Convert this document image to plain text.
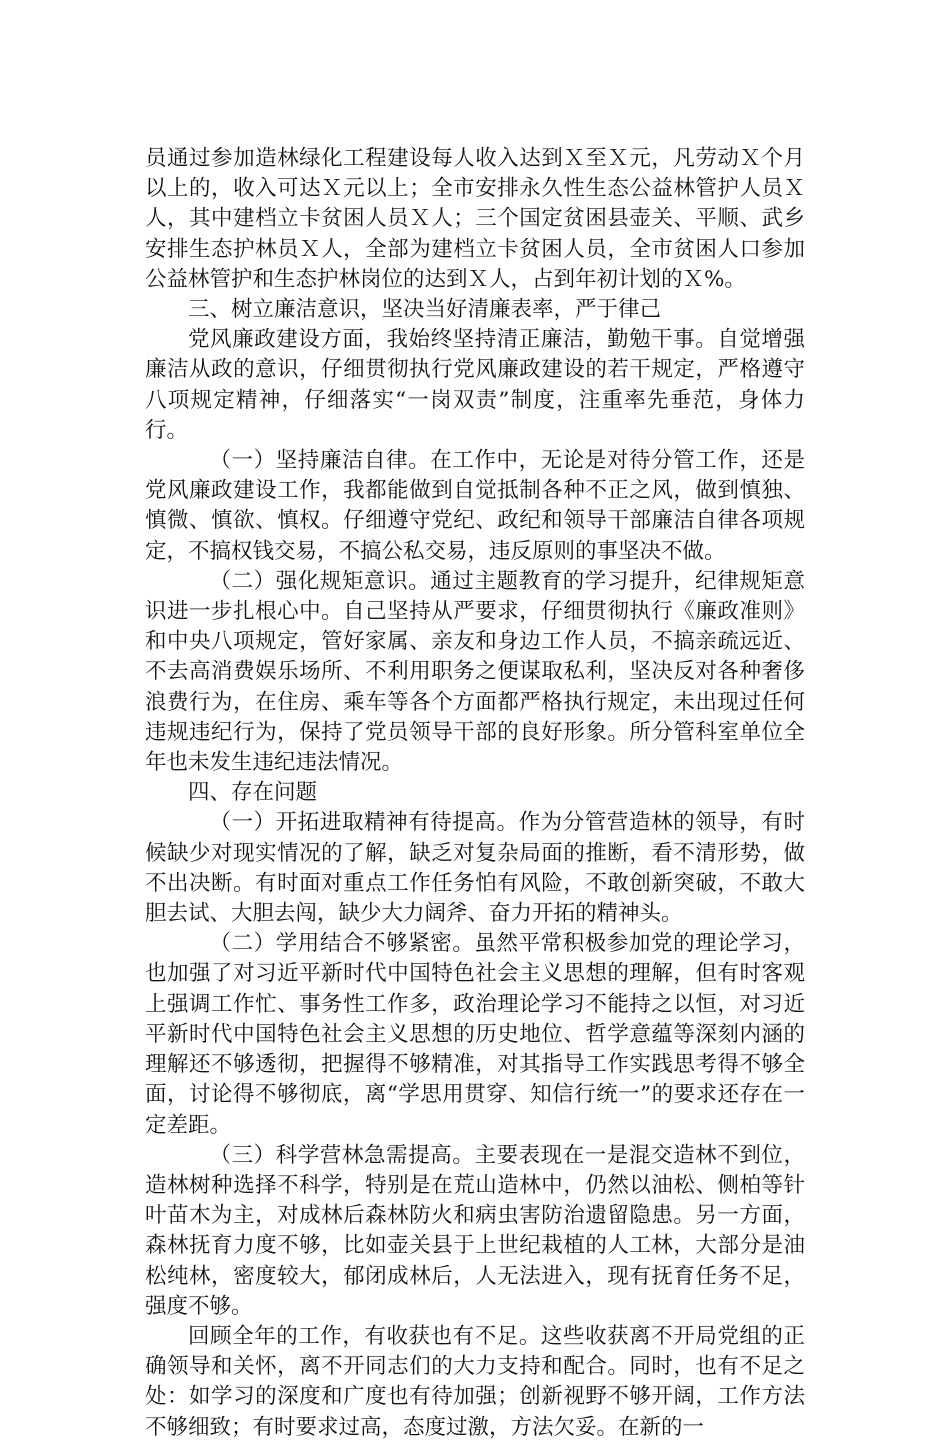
员通过参加造林绿化工程建设每人收入达到Ｘ至Ｘ元，凡劳动Ｘ个月以上的，收入可达Ｘ元以上；全市安排永久性生态公益林管护人员Ｘ人，其中建档立卡贫困人员Ｘ人；三个国定贫困县壶关、平顺、武乡安排生态护林员Ｘ人，全部为建档立卡贫困人员，全市贫困人口参加公益林管护和生态护林岗位的达到Ｘ人，占到年初计划的Ｘ%。

三、树立廉洁意识，坚决当好清廉表率，严于律己

党风廉政建设方面，我始终坚持清正廉洁，勤勉干事。自觉增强廉洁从政的意识，仔细贯彻执行党风廉政建设的若干规定，严格遵守八项规定精神，仔细落实“一岗双责”制度，注重率先垂范，身体力行。

（一）坚持廉洁自律。在工作中，无论是对待分管工作，还是党风廉政建设工作，我都能做到自觉抵制各种不正之风，做到慎独、慎微、慎欲、慎权。仔细遵守党纪、政纪和领导干部廉洁自律各项规定，不搞权钱交易，不搞公私交易，违反原则的事坚决不做。

（二）强化规矩意识。通过主题教育的学习提升，纪律规矩意识进一步扎根心中。自己坚持从严要求，仔细贯彻执行《廉政准则》和中央八项规定，管好家属、亲友和身边工作人员，不搞亲疏远近、不去高消费娱乐场所、不利用职务之便谋取私利，坚决反对各种奢侈浪费行为，在住房、乘车等各个方面都严格执行规定，未出现过任何违规违纪行为，保持了党员领导干部的良好形象。所分管科室单位全年也未发生违纪违法情况。

四、存在问题

（一）开拓进取精神有待提高。作为分管营造林的领导，有时候缺少对现实情况的了解，缺乏对复杂局面的推断，看不清形势，做不出决断。有时面对重点工作任务怕有风险，不敢创新突破，不敢大胆去试、大胆去闯，缺少大力阔斧、奋力开拓的精神头。

（二）学用结合不够紧密。虽然平常积极参加党的理论学习，也加强了对习近平新时代中国特色社会主义思想的理解，但有时客观上强调工作忙、事务性工作多，政治理论学习不能持之以恒，对习近平新时代中国特色社会主义思想的历史地位、哲学意蕴等深刻内涵的理解还不够透彻，把握得不够精准，对其指导工作实践思考得不够全面，讨论得不够彻底，离“学思用贯穿、知信行统一”的要求还存在一定差距。

（三）科学营林急需提高。主要表现在一是混交造林不到位，造林树种选择不科学，特别是在荒山造林中，仍然以油松、侧柏等针叶苗木为主，对成林后森林防火和病虫害防治遗留隐患。另一方面，森林抚育力度不够，比如壶关县于上世纪栽植的人工林，大部分是油松纯林，密度较大，郁闭成林后，人无法进入，现有抚育任务不足，强度不够。

回顾全年的工作，有收获也有不足。这些收获离不开局党组的正确领导和关怀，离不开同志们的大力支持和配合。同时，也有不足之处：如学习的深度和广度也有待加强；创新视野不够开阔，工作方法不够细致；有时要求过高，态度过激，方法欠妥。在新的一
